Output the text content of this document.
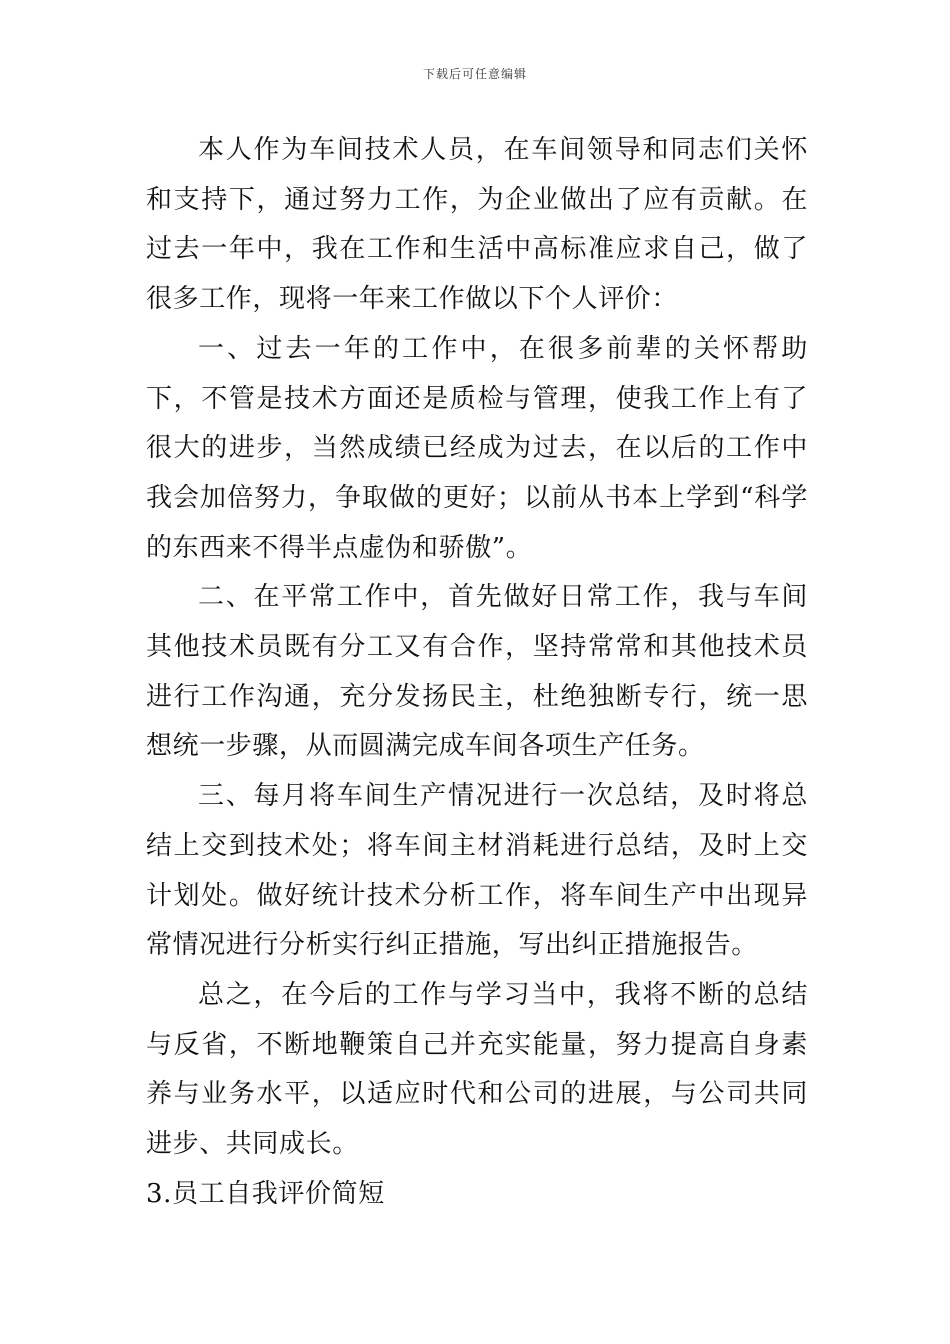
下载后可任意编辑

本人作为车间技术人员，在车间领导和同志们关怀和支持下，通过努力工作，为企业做出了应有贡献。在过去一年中，我在工作和生活中高标准应求自己，做了很多工作，现将一年来工作做以下个人评价：

一、过去一年的工作中，在很多前辈的关怀帮助下，不管是技术方面还是质检与管理，使我工作上有了很大的进步，当然成绩已经成为过去，在以后的工作中我会加倍努力，争取做的更好；以前从书本上学到“科学的东西来不得半点虚伪和骄傲”。

二、在平常工作中，首先做好日常工作，我与车间其他技术员既有分工又有合作，坚持常常和其他技术员进行工作沟通，充分发扬民主，杜绝独断专行，统一思想统一步骤，从而圆满完成车间各项生产任务。

三、每月将车间生产情况进行一次总结，及时将总结上交到技术处；将车间主材消耗进行总结，及时上交计划处。做好统计技术分析工作，将车间生产中出现异常情况进行分析实行纠正措施，写出纠正措施报告。

总之，在今后的工作与学习当中，我将不断的总结与反省，不断地鞭策自己并充实能量，努力提高自身素养与业务水平，以适应时代和公司的进展，与公司共同进步、共同成长。

3.员工自我评价简短
